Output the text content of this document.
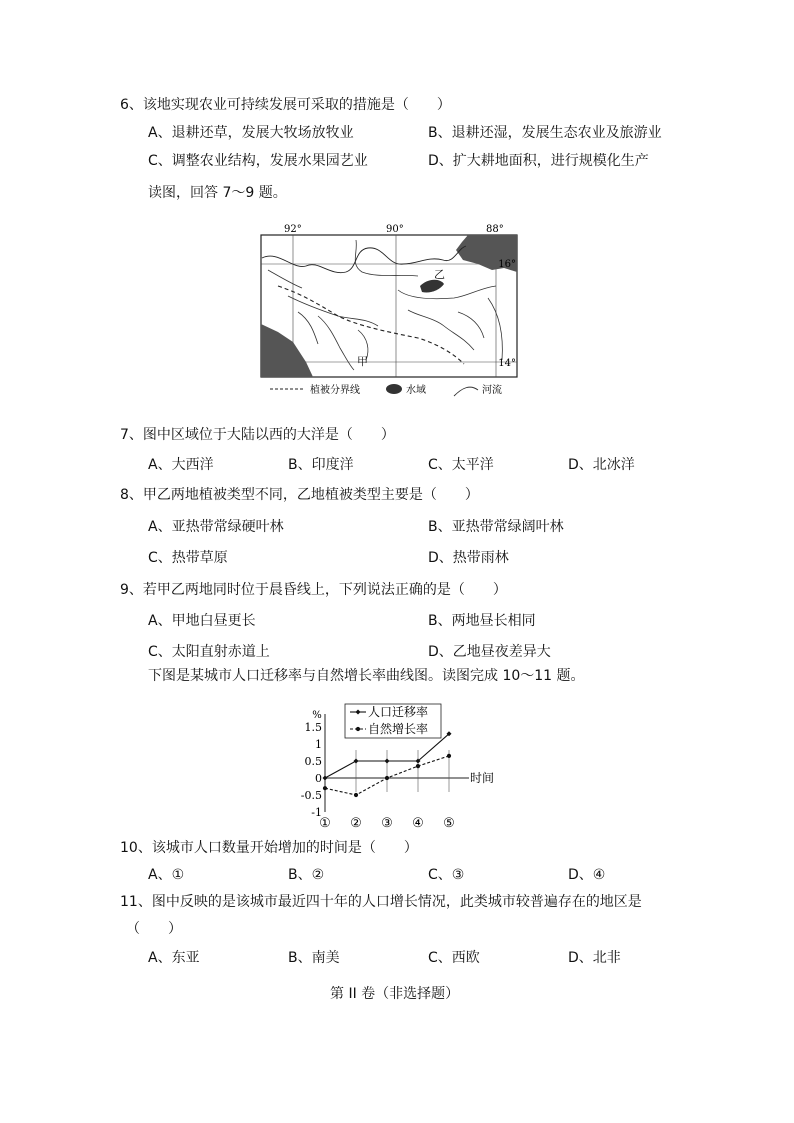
6、该地实现农业可持续发展可采取的措施是（　　）
A、退耕还草，发展大牧场放牧业	B、退耕还湿，发展生态农业及旅游业
C、调整农业结构，发展水果园艺业	D、扩大耕地面积，进行规模化生产
读图，回答 7～9 题。
92°	90°	88°
16°
14°
乙
甲
植被分界线	水域	河流
7、图中区域位于大陆以西的大洋是（　　）
A、大西洋	B、印度洋	C、太平洋	D、北冰洋
8、甲乙两地植被类型不同，乙地植被类型主要是（　　）
A、亚热带常绿硬叶林	B、亚热带常绿阔叶林
C、热带草原	D、热带雨林
9、若甲乙两地同时位于晨昏线上，下列说法正确的是（　　）
A、甲地白昼更长	B、两地昼长相同
C、太阳直射赤道上	D、乙地昼夜差异大
下图是某城市人口迁移率与自然增长率曲线图。读图完成 10～11 题。
%
时间
1.5
1
0.5
0
-0.5
-1
① ② ③ ④ ⑤
人口迁移率
自然增长率
10、该城市人口数量开始增加的时间是（　　）
A、①	B、②	C、③	D、④
11、图中反映的是该城市最近四十年的人口增长情况，此类城市较普遍存在的地区是
（　　）
A、东亚	B、南美	C、西欧	D、北非
第 II 卷（非选择题）
